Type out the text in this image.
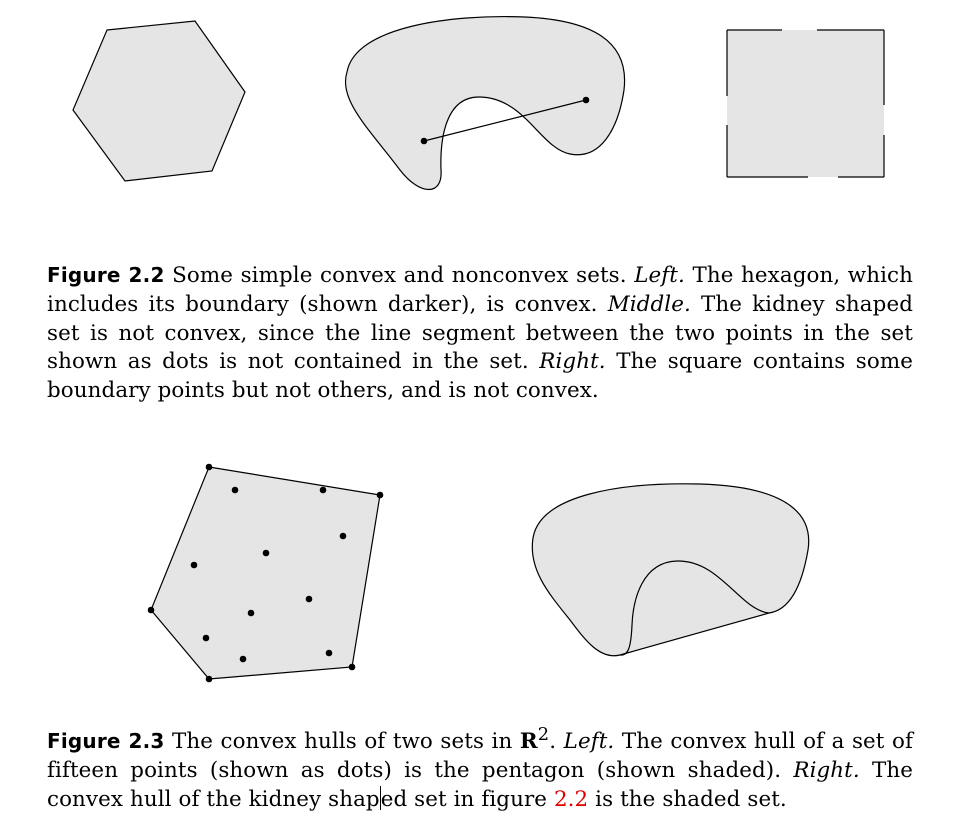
Figure 2.2 Some simple convex and nonconvex sets. Left. The hexagon, which includes its boundary (shown darker), is convex. Middle. The kidney shaped set is not convex, since the line segment between the two points in the set shown as dots is not contained in the set. Right. The square contains some boundary points but not others, and is not convex.
Figure 2.3 The convex hulls of two sets in $R^2$. Left. The convex hull of a set of fifteen points (shown as dots) is the pentagon (shown shaded). Right. The convex hull of the kidney shaped set in figure 2.2 is the shaded set.
